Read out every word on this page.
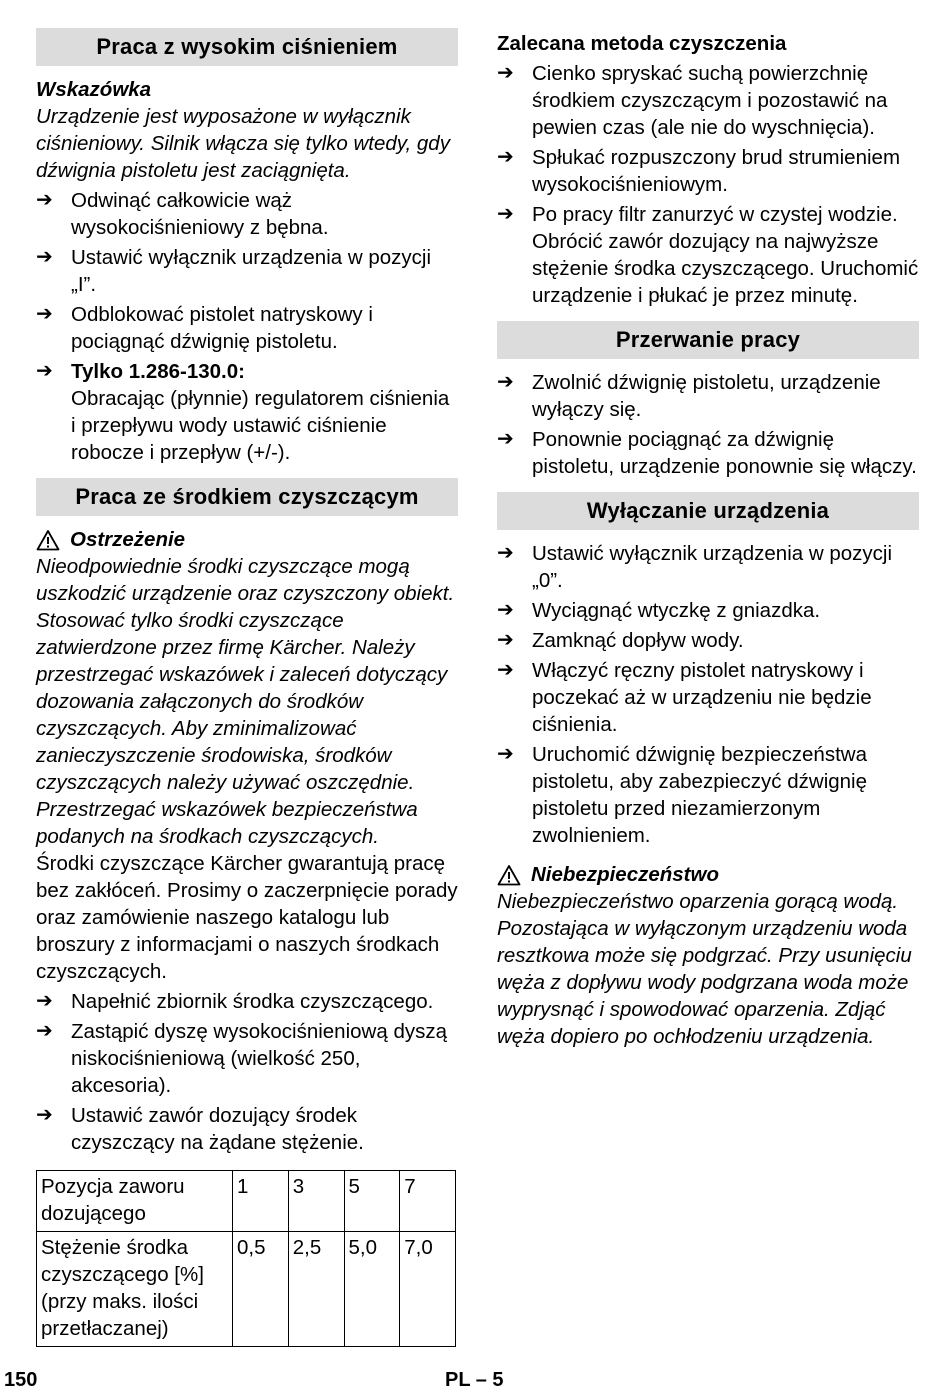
Praca z wysokim ciśnieniem
Wskazówka

Urządzenie jest wyposażone w wyłącznik ciśnieniowy. Silnik włącza się tylko wtedy, gdy dźwignia pistoletu jest zaciągnięta.

➔ Odwinąć całkowicie wąż wysokociśnieniowy z bębna.
➔ Ustawić wyłącznik urządzenia w pozycji „I”.
➔ Odblokować pistolet natryskowy i pociągnąć dźwignię pistoletu.
➔ Tylko 1.286-130.0:
Obracając (płynnie) regulatorem ciśnienia i przepływu wody ustawić ciśnienie robocze i przepływ (+/-).
Praca ze środkiem czyszczącym
Ostrzeżenie

Nieodpowiednie środki czyszczące mogą uszkodzić urządzenie oraz czyszczony obiekt. Stosować tylko środki czyszczące zatwierdzone przez firmę Kärcher. Należy przestrzegać wskazówek i zaleceń dotyczący dozowania załączonych do środków czyszczących. Aby zminimalizować zanieczyszczenie środowiska, środków czyszczących należy używać oszczędnie. Przestrzegać wskazówek bezpieczeństwa podanych na środkach czyszczących.

Środki czyszczące Kärcher gwarantują pracę bez zakłóceń. Prosimy o zaczerpnięcie porady oraz zamówienie naszego katalogu lub broszury z informacjami o naszych środkach czyszczących.

➔ Napełnić zbiornik środka czyszczącego.
➔ Zastąpić dyszę wysokociśnieniową dyszą niskociśnieniową (wielkość 250, akcesoria).
➔ Ustawić zawór dozujący środek czyszczący na żądane stężenie.
Pozycja zaworu dozującego	1	3	5	7
Stężenie środka czyszczącego [%] (przy maks. ilości przetłaczanej)	0,5	2,5	5,0	7,0
Zalecana metoda czyszczenia
➔ Cienko spryskać suchą powierzchnię środkiem czyszczącym i pozostawić na pewien czas (ale nie do wyschnięcia).
➔ Spłukać rozpuszczony brud strumieniem wysokociśnieniowym.
➔ Po pracy filtr zanurzyć w czystej wodzie. Obrócić zawór dozujący na najwyższe stężenie środka czyszczącego. Uruchomić urządzenie i płukać je przez minutę.
Przerwanie pracy
➔ Zwolnić dźwignię pistoletu, urządzenie wyłączy się.
➔ Ponownie pociągnąć za dźwignię pistoletu, urządzenie ponownie się włączy.
Wyłączanie urządzenia
➔ Ustawić wyłącznik urządzenia w pozycji „0”.
➔ Wyciągnąć wtyczkę z gniazdka.
➔ Zamknąć dopływ wody.
➔ Włączyć ręczny pistolet natryskowy i poczekać aż w urządzeniu nie będzie ciśnienia.
➔ Uruchomić dźwignię bezpieczeństwa pistoletu, aby zabezpieczyć dźwignię pistoletu przed niezamierzonym zwolnieniem.
Niebezpieczeństwo

Niebezpieczeństwo oparzenia gorącą wodą. Pozostająca w wyłączonym urządzeniu woda resztkowa może się podgrzać. Przy usunięciu węża z dopływu wody podgrzana woda może wyprysnąć i spowodować oparzenia. Zdjąć węża dopiero po ochłodzeniu urządzenia.

150	PL – 5
